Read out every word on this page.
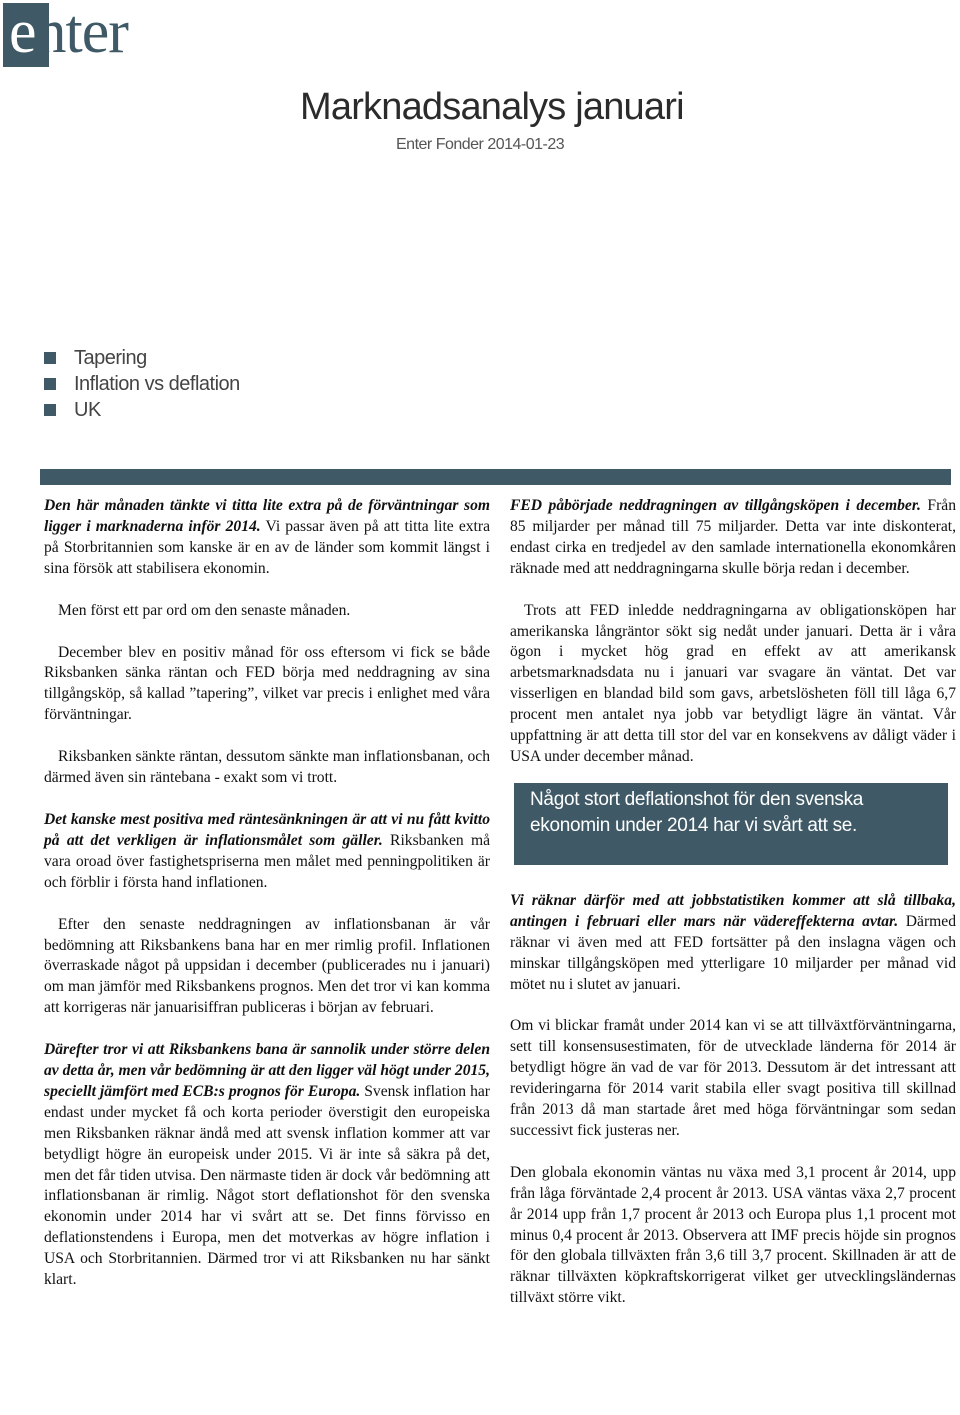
enter
Marknadsanalys januari
Enter Fonder 2014-01-23
Tapering
Inflation vs deflation
UK

Den här månaden tänkte vi titta lite extra på de förväntningar som ligger i marknaderna inför 2014. Vi passar även på att titta lite extra på Storbritannien som kanske är en av de länder som kommit längst i sina försök att stabilisera ekonomin.

Men först ett par ord om den senaste månaden.

December blev en positiv månad för oss eftersom vi fick se både Riksbanken sänka räntan och FED börja med neddragning av sina tillgångsköp, så kallad ”tapering”, vilket var precis i enlighet med våra förväntningar.

Riksbanken sänkte räntan, dessutom sänkte man inflationsbanan, och därmed även sin räntebana - exakt som vi trott.

Det kanske mest positiva med räntesänkningen är att vi nu fått kvitto på att det verkligen är inflationsmålet som gäller. Riksbanken må vara oroad över fastighetspriserna men målet med penningpolitiken är och förblir i första hand inflationen.

Efter den senaste neddragningen av inflationsbanan är vår bedömning att Riksbankens bana har en mer rimlig profil. Inflationen överraskade något på uppsidan i december (publicerades nu i januari) om man jämför med Riksbankens prognos. Men det tror vi kan komma att korrigeras när januarisiffran publiceras i början av februari.

Därefter tror vi att Riksbankens bana är sannolik under större delen av detta år, men vår bedömning är att den ligger väl högt under 2015, speciellt jämfört med ECB:s prognos för Europa. Svensk inflation har endast under mycket få och korta perioder överstigit den europeiska men Riksbanken räknar ändå med att svensk inflation kommer att var betydligt högre än europeisk under 2015. Vi är inte så säkra på det, men det får tiden utvisa. Den närmaste tiden är dock vår bedömning att inflationsbanan är rimlig. Något stort deflationshot för den svenska ekonomin under 2014 har vi svårt att se. Det finns förvisso en deflationstendens i Europa, men det motverkas av högre inflation i USA och Storbritannien. Därmed tror vi att Riksbanken nu har sänkt klart.

FED påbörjade neddragningen av tillgångsköpen i december. Från 85 miljarder per månad till 75 miljarder. Detta var inte diskonterat, endast cirka en tredjedel av den samlade internationella ekonomkåren räknade med att neddragningarna skulle börja redan i december.

Trots att FED inledde neddragningarna av obligationsköpen har amerikanska långräntor sökt sig nedåt under januari. Detta är i våra ögon i mycket hög grad en effekt av att amerikansk arbetsmarknadsdata nu i januari var svagare än väntat. Det var visserligen en blandad bild som gavs, arbetslösheten föll till låga 6,7 procent men antalet nya jobb var betydligt lägre än väntat. Vår uppfattning är att detta till stor del var en konsekvens av dåligt väder i USA under december månad.

Något stort deflationshot för den svenska ekonomin under 2014 har vi svårt att se.

Vi räknar därför med att jobbstatistiken kommer att slå tillbaka, antingen i februari eller mars när vädereffekterna avtar. Därmed räknar vi även med att FED fortsätter på den inslagna vägen och minskar tillgångsköpen med ytterligare 10 miljarder per månad vid mötet nu i slutet av januari.

Om vi blickar framåt under 2014 kan vi se att tillväxtförväntningarna, sett till konsensusestimaten, för de utvecklade länderna för 2014 är betydligt högre än vad de var för 2013. Dessutom är det intressant att revideringarna för 2014 varit stabila eller svagt positiva till skillnad från 2013 då man startade året med höga förväntningar som sedan successivt fick justeras ner.

Den globala ekonomin väntas nu växa med 3,1 procent år 2014, upp från låga förväntade 2,4 procent år 2013. USA väntas växa 2,7 procent år 2014 upp från 1,7 procent år 2013 och Europa plus 1,1 procent mot minus 0,4 procent år 2013. Observera att IMF precis höjde sin prognos för den globala tillväxten från 3,6 till 3,7 procent. Skillnaden är att de räknar tillväxten köpkraftskorrigerat vilket ger utvecklingsländernas tillväxt större vikt.
